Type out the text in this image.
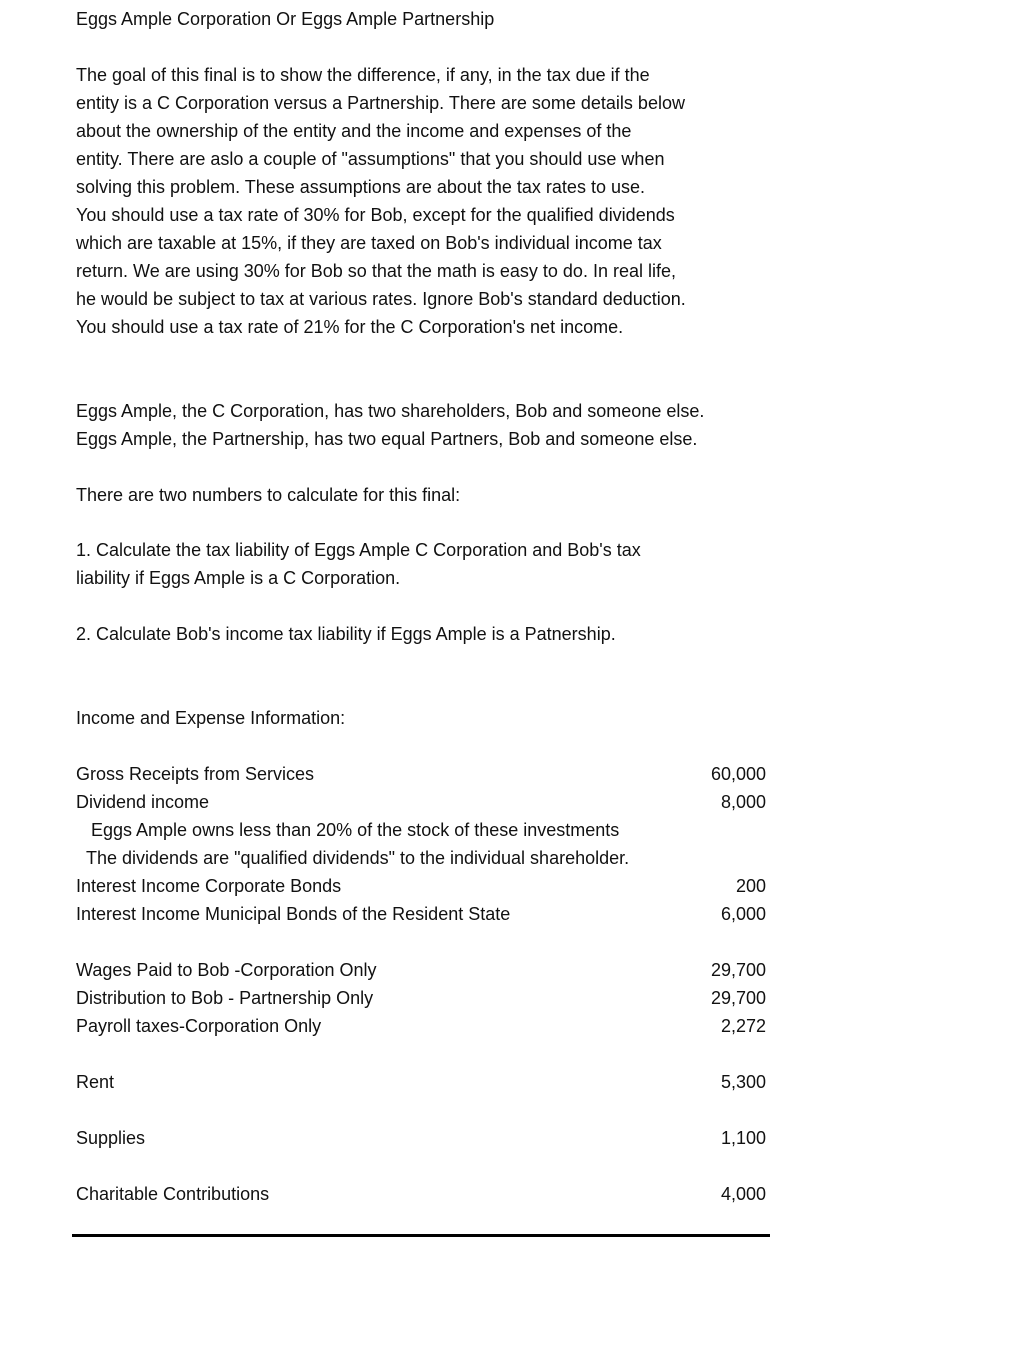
Eggs Ample Corporation Or Eggs Ample Partnership
The goal of this final is to show the difference, if any, in the tax due if the
entity is a C Corporation versus a Partnership. There are some details below
about the ownership of the entity and the income and expenses of the
entity. There are aslo a couple of "assumptions" that you should use when
solving this problem. These assumptions are about the tax rates to use.
You should use a tax rate of 30% for Bob, except for the qualified dividends
which are taxable at 15%, if they are taxed on Bob's individual income tax
return. We are using 30% for Bob so that the math is easy to do. In real life,
he would be subject to tax at various rates. Ignore Bob's standard deduction.
You should use a tax rate of 21% for the C Corporation's net income.
Eggs Ample, the C Corporation, has two shareholders, Bob and someone else.
Eggs Ample, the Partnership, has two equal Partners, Bob and someone else.
There are two numbers to calculate for this final:
1. Calculate the tax liability of Eggs Ample C Corporation and Bob's tax
liability if Eggs Ample is a C Corporation.
2. Calculate Bob's income tax liability if Eggs Ample is a Patnership.
Income and Expense Information:
Gross Receipts from Services	60,000
Dividend income	8,000
Eggs Ample owns less than 20% of the stock of these investments
The dividends are "qualified dividends" to the individual shareholder.
Interest Income Corporate Bonds	200
Interest Income Municipal Bonds of the Resident State	6,000
Wages Paid to Bob -Corporation Only	29,700
Distribution to Bob - Partnership Only	29,700
Payroll taxes-Corporation Only	2,272
Rent	5,300
Supplies	1,100
Charitable Contributions	4,000
